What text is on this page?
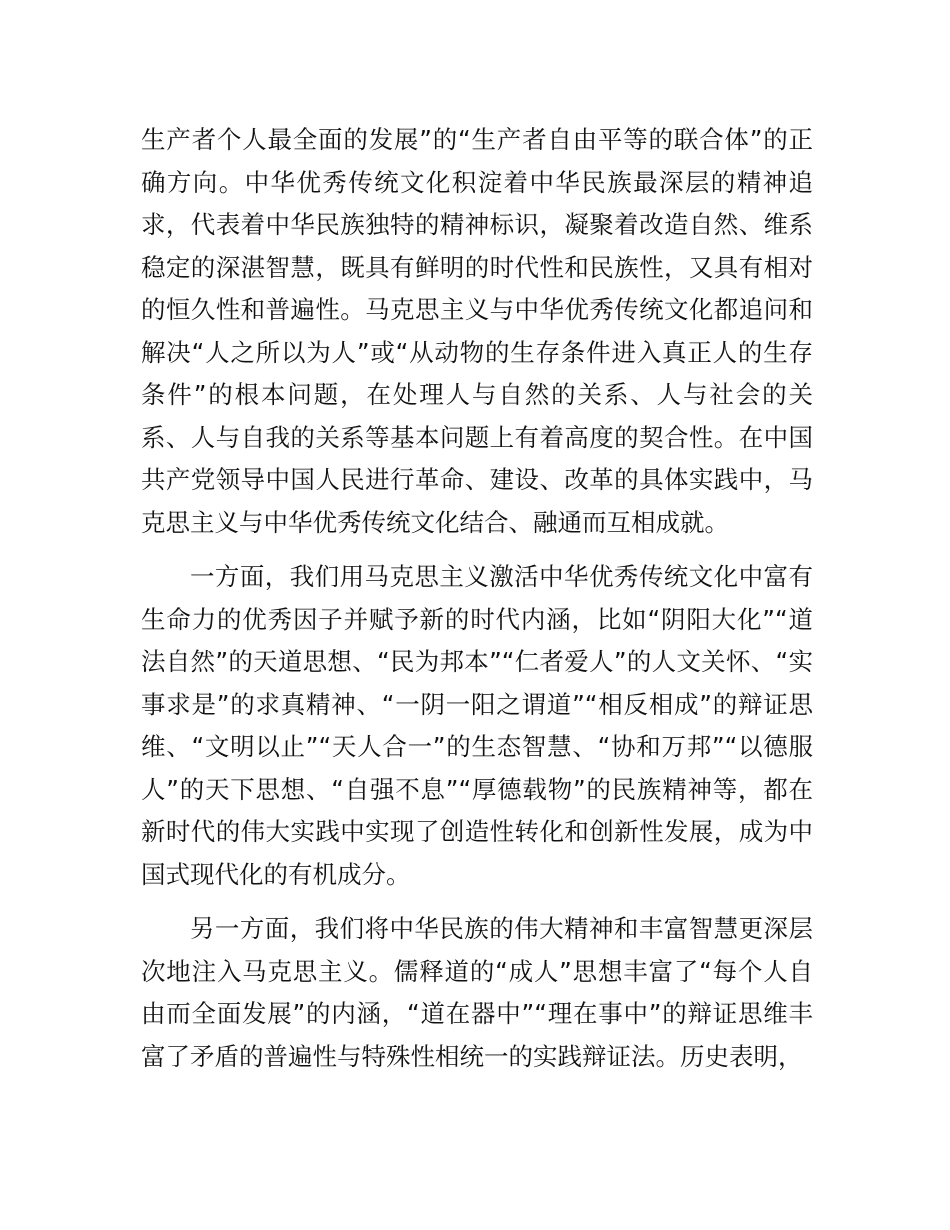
生产者个人最全面的发展”的“生产者自由平等的联合体”的正确方向。中华优秀传统文化积淀着中华民族最深层的精神追求，代表着中华民族独特的精神标识，凝聚着改造自然、维系稳定的深湛智慧，既具有鲜明的时代性和民族性，又具有相对的恒久性和普遍性。马克思主义与中华优秀传统文化都追问和解决“人之所以为人”或“从动物的生存条件进入真正人的生存条件”的根本问题，在处理人与自然的关系、人与社会的关系、人与自我的关系等基本问题上有着高度的契合性。在中国共产党领导中国人民进行革命、建设、改革的具体实践中，马克思主义与中华优秀传统文化结合、融通而互相成就。

一方面，我们用马克思主义激活中华优秀传统文化中富有生命力的优秀因子并赋予新的时代内涵，比如“阴阳大化”“道法自然”的天道思想、“民为邦本”“仁者爱人”的人文关怀、“实事求是”的求真精神、“一阴一阳之谓道”“相反相成”的辩证思维、“文明以止”“天人合一”的生态智慧、“协和万邦”“以德服人”的天下思想、“自强不息”“厚德载物”的民族精神等，都在新时代的伟大实践中实现了创造性转化和创新性发展，成为中国式现代化的有机成分。

另一方面，我们将中华民族的伟大精神和丰富智慧更深层次地注入马克思主义。儒释道的“成人”思想丰富了“每个人自由而全面发展”的内涵，“道在器中”“理在事中”的辩证思维丰富了矛盾的普遍性与特殊性相统一的实践辩证法。历史表明，
